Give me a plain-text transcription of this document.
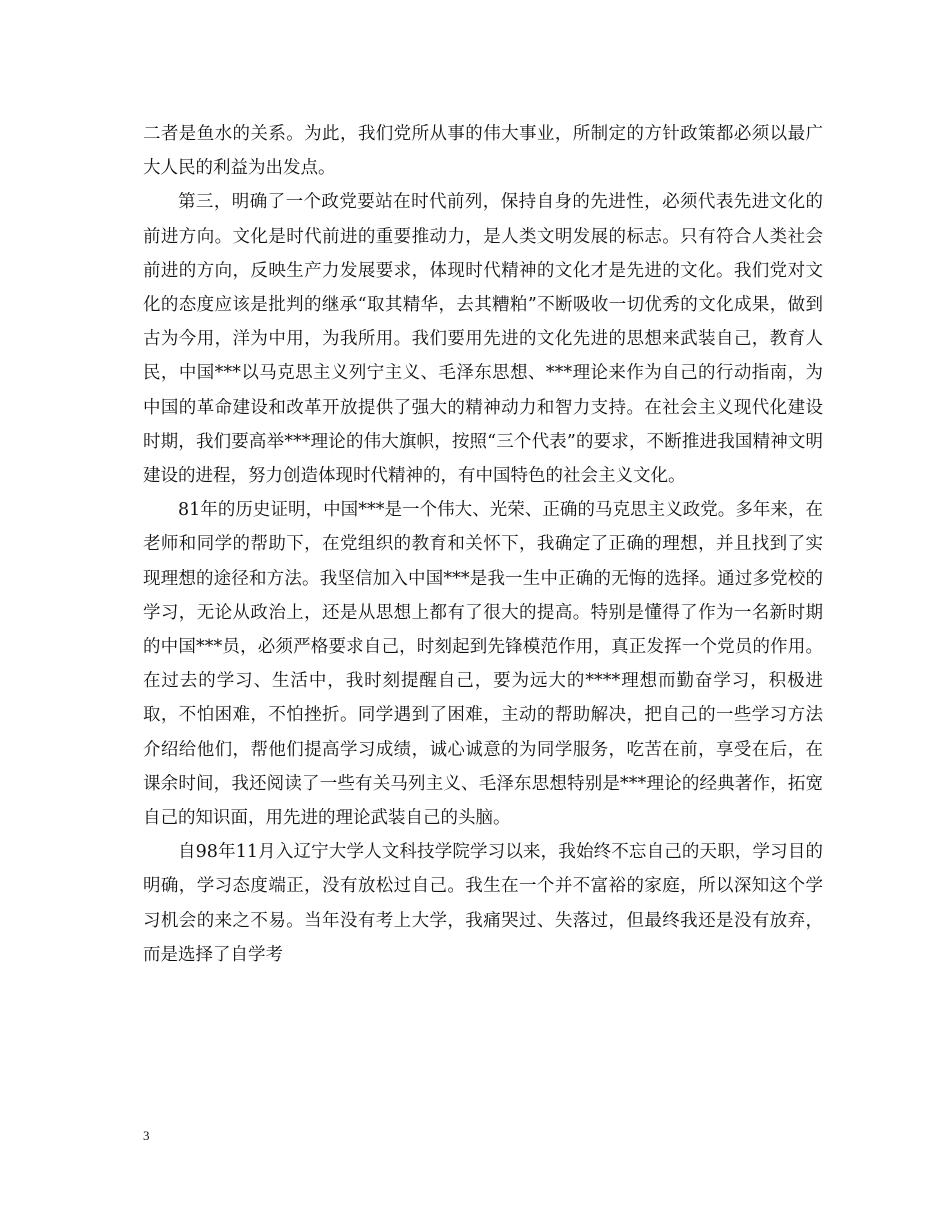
二者是鱼水的关系。为此，我们党所从事的伟大事业，所制定的方针政策都必须以最广大人民的利益为出发点。

第三，明确了一个政党要站在时代前列，保持自身的先进性，必须代表先进文化的前进方向。文化是时代前进的重要推动力，是人类文明发展的标志。只有符合人类社会前进的方向，反映生产力发展要求，体现时代精神的文化才是先进的文化。我们党对文化的态度应该是批判的继承“取其精华，去其糟粕”不断吸收一切优秀的文化成果，做到古为今用，洋为中用，为我所用。我们要用先进的文化先进的思想来武装自己，教育人民，中国***以马克思主义列宁主义、毛泽东思想、***理论来作为自己的行动指南，为中国的革命建设和改革开放提供了强大的精神动力和智力支持。在社会主义现代化建设时期，我们要高举***理论的伟大旗帜，按照“三个代表”的要求，不断推进我国精神文明建设的进程，努力创造体现时代精神的，有中国特色的社会主义文化。

81年的历史证明，中国***是一个伟大、光荣、正确的马克思主义政党。多年来，在老师和同学的帮助下，在党组织的教育和关怀下，我确定了正确的理想，并且找到了实现理想的途径和方法。我坚信加入中国***是我一生中正确的无悔的选择。通过多党校的学习，无论从政治上，还是从思想上都有了很大的提高。特别是懂得了作为一名新时期的中国***员，必须严格要求自己，时刻起到先锋模范作用，真正发挥一个党员的作用。在过去的学习、生活中，我时刻提醒自己，要为远大的****理想而勤奋学习，积极进取，不怕困难，不怕挫折。同学遇到了困难，主动的帮助解决，把自己的一些学习方法介绍给他们，帮他们提高学习成绩，诚心诚意的为同学服务，吃苦在前，享受在后，在课余时间，我还阅读了一些有关马列主义、毛泽东思想特别是***理论的经典著作，拓宽自己的知识面，用先进的理论武装自己的头脑。

自98年11月入辽宁大学人文科技学院学习以来，我始终不忘自己的天职，学习目的明确，学习态度端正，没有放松过自己。我生在一个并不富裕的家庭，所以深知这个学习机会的来之不易。当年没有考上大学，我痛哭过、失落过，但最终我还是没有放弃，而是选择了自学考

3
